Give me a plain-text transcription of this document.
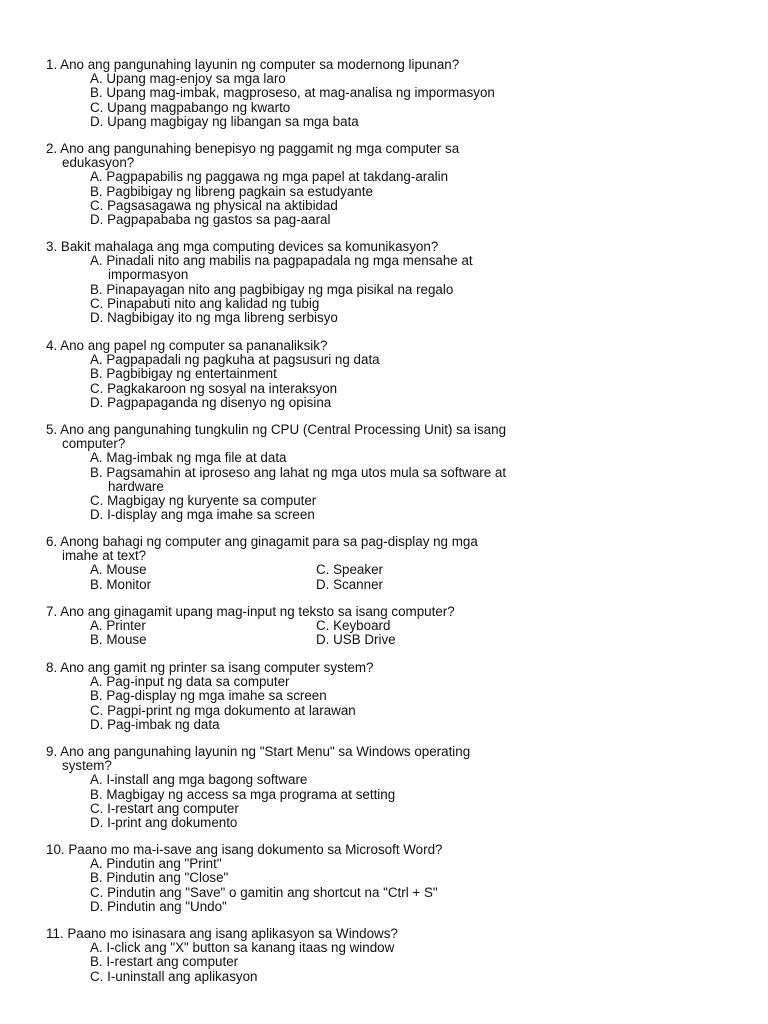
1. Ano ang pangunahing layunin ng computer sa modernong lipunan?
A. Upang mag-enjoy sa mga laro
B. Upang mag-imbak, magproseso, at mag-analisa ng impormasyon
C. Upang magpabango ng kwarto
D. Upang magbigay ng libangan sa mga bata
2. Ano ang pangunahing benepisyo ng paggamit ng mga computer sa
edukasyon?
A. Pagpapabilis ng paggawa ng mga papel at takdang-aralin
B. Pagbibigay ng libreng pagkain sa estudyante
C. Pagsasagawa ng physical na aktibidad
D. Pagpapababa ng gastos sa pag-aaral
3. Bakit mahalaga ang mga computing devices sa komunikasyon?
A. Pinadali nito ang mabilis na pagpapadala ng mga mensahe at
impormasyon
B. Pinapayagan nito ang pagbibigay ng mga pisikal na regalo
C. Pinapabuti nito ang kalidad ng tubig
D. Nagbibigay ito ng mga libreng serbisyo
4. Ano ang papel ng computer sa pananaliksik?
A. Pagpapadali ng pagkuha at pagsusuri ng data
B. Pagbibigay ng entertainment
C. Pagkakaroon ng sosyal na interaksyon
D. Pagpapaganda ng disenyo ng opisina
5. Ano ang pangunahing tungkulin ng CPU (Central Processing Unit) sa isang
computer?
A. Mag-imbak ng mga file at data
B. Pagsamahin at iproseso ang lahat ng mga utos mula sa software at
hardware
C. Magbigay ng kuryente sa computer
D. I-display ang mga imahe sa screen
6. Anong bahagi ng computer ang ginagamit para sa pag-display ng mga
imahe at text?
A. Mouse	C. Speaker
B. Monitor	D. Scanner
7. Ano ang ginagamit upang mag-input ng teksto sa isang computer?
A. Printer	C. Keyboard
B. Mouse	D. USB Drive
8. Ano ang gamit ng printer sa isang computer system?
A. Pag-input ng data sa computer
B. Pag-display ng mga imahe sa screen
C. Pagpi-print ng mga dokumento at larawan
D. Pag-imbak ng data
9. Ano ang pangunahing layunin ng "Start Menu" sa Windows operating
system?
A. I-install ang mga bagong software
B. Magbigay ng access sa mga programa at setting
C. I-restart ang computer
D. I-print ang dokumento
10. Paano mo ma-i-save ang isang dokumento sa Microsoft Word?
A. Pindutin ang "Print"
B. Pindutin ang "Close"
C. Pindutin ang "Save" o gamitin ang shortcut na "Ctrl + S"
D. Pindutin ang "Undo"
11. Paano mo isinasara ang isang aplikasyon sa Windows?
A. I-click ang "X" button sa kanang itaas ng window
B. I-restart ang computer
C. I-uninstall ang aplikasyon
